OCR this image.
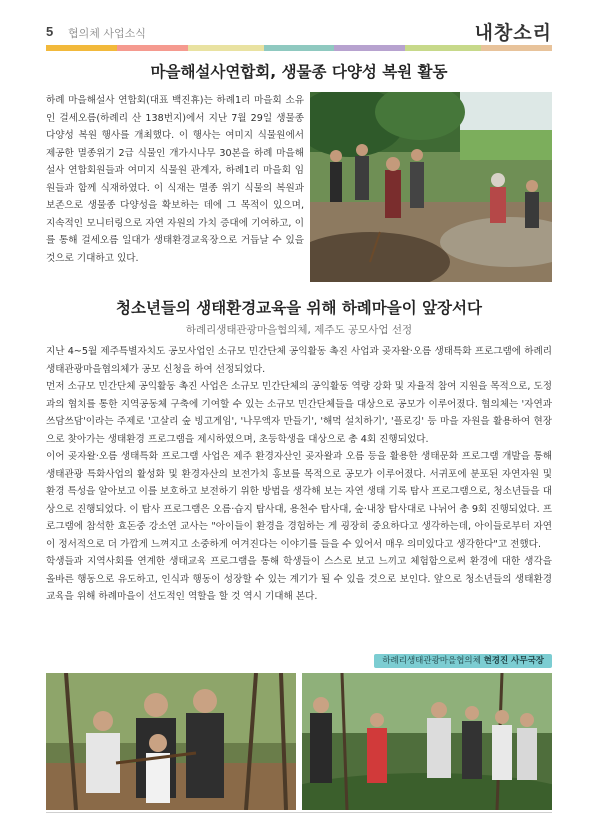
5 협의체 사업소식	내창소리
마을해설사연합회, 생물종 다양성 복원 활동

하례 마을해설사 연합회(대표 백진휴)는 하례1리 마을회 소유인 걸세오름(하례리 산 138번지)에서 지난 7월 29일 생물종 다양성 복원 행사를 개최했다. 이 행사는 여미지 식물원에서 제공한 멸종위기 2급 식물인 개가시나무 30본을 하례 마을해설사 연합회원들과 여미지 식물원 관계자, 하례1리 마을회 임원들과 함께 식재하였다. 이 식재는 멸종 위기 식물의 복원과 보존으로 생물종 다양성을 확보하는 데에 그 목적이 있으며, 지속적인 모니터링으로 자연 자원의 가치 증대에 기여하고, 이를 통해 걸세오름 일대가 생태환경교육장으로 거듭날 수 있을 것으로 기대하고 있다.

청소년들의 생태환경교육을 위해 하례마을이 앞장서다
하례리생태관광마을협의체, 제주도 공모사업 선정

지난 4~5월 제주특별자치도 공모사업인 소규모 민간단체 공익활동 촉진 사업과 곶자왈·오름 생태특화 프로그램에 하례리생태관광마을협의체가 공모 신청을 하여 선정되었다.

먼저 소규모 민간단체 공익활동 촉진 사업은 소규모 민간단체의 공익활동 역량 강화 및 자율적 참여 지원을 목적으로, 도정과의 협치를 통한 지역공동체 구축에 기여할 수 있는 소규모 민간단체들을 대상으로 공모가 이루어졌다. 협의체는 '자연과 쓰담쓰담'이라는 주제로 '고살리 숲 빙고게임', '나무액자 만들기', '해먹 설치하기', '플로깅' 등 마을 자원을 활용하여 현장으로 찾아가는 생태환경 프로그램을 제시하였으며, 초등학생을 대상으로 총 4회 진행되었다.

이어 곶자왈·오름 생태특화 프로그램 사업은 제주 환경자산인 곶자왈과 오름 등을 활용한 생태문화 프로그램 개발을 통해 생태관광 특화사업의 활성화 및 환경자산의 보전가치 홍보를 목적으로 공모가 이루어졌다. 서귀포에 분포된 자연자원 및 환경 특성을 알아보고 이를 보호하고 보전하기 위한 방법을 생각해 보는 자연 생태 기록 탐사 프로그램으로, 청소년들을 대상으로 진행되었다. 이 탐사 프로그램은 오름·습지 탐사대, 용천수 탐사대, 숲·내창 탐사대로 나뉘어 총 9회 진행되었다. 프로그램에 참석한 효돈중 강소연 교사는 "아이들이 환경을 경험하는 게 굉장히 중요하다고 생각하는데, 아이들로부터 자연이 정서적으로 더 가깝게 느껴지고 소중하게 여겨진다는 이야기를 들을 수 있어서 매우 의미있다고 생각한다"고 전했다.

학생들과 지역사회를 연계한 생태교육 프로그램을 통해 학생들이 스스로 보고 느끼고 체험함으로써 환경에 대한 생각을 올바른 행동으로 유도하고, 인식과 행동이 성장할 수 있는 계기가 될 수 있을 것으로 보인다. 앞으로 청소년들의 생태환경교육을 위해 하례마을이 선도적인 역할을 할 것 역시 기대해 본다.

하례리생태관광마을협의체 현경진 사무국장
